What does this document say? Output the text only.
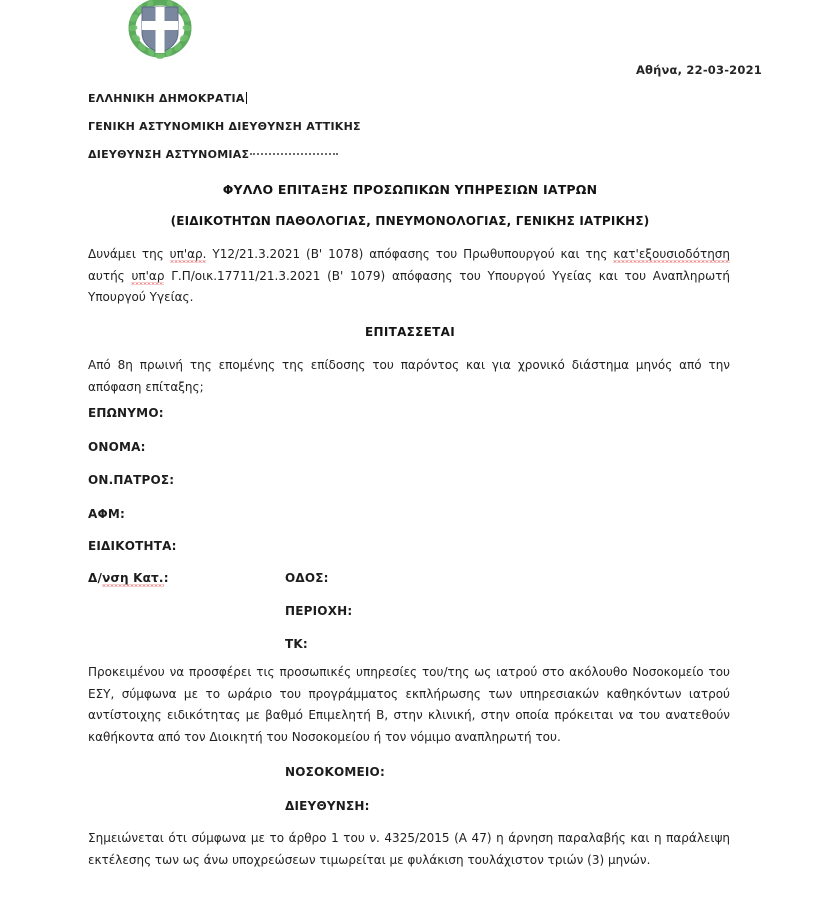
Αθήνα, 22-03-2021
ΕΛΛΗΝΙΚΗ ΔΗΜΟΚΡΑΤΙΑ
ΓΕΝΙΚΗ ΑΣΤΥΝΟΜΙΚΗ ΔΙΕΥΘΥΝΣΗ ΑΤΤΙΚΗΣ
ΔΙΕΥΘΥΝΣΗ ΑΣΤΥΝΟΜΙΑΣ
ΦΥΛΛΟ ΕΠΙΤΑΞΗΣ ΠΡΟΣΩΠΙΚΩΝ ΥΠΗΡΕΣΙΩΝ ΙΑΤΡΩΝ
(ΕΙΔΙΚΟΤΗΤΩΝ ΠΑΘΟΛΟΓΙΑΣ, ΠΝΕΥΜΟΝΟΛΟΓΙΑΣ, ΓΕΝΙΚΗΣ ΙΑΤΡΙΚΗΣ)
Δυνάμει της υπ'αρ. Υ12/21.3.2021 (Β' 1078) απόφασης του Πρωθυπουργού και της κατ'εξουσιοδότηση αυτής υπ'αρ Γ.Π/οικ.17711/21.3.2021 (Β' 1079) απόφασης του Υπουργού Υγείας και του Αναπληρωτή Υπουργού Υγείας.
ΕΠΙΤΑΣΣΕΤΑΙ
Από 8η πρωινή της επομένης της επίδοσης του παρόντος και για χρονικό διάστημα μηνός από την απόφαση επίταξης;
ΕΠΩΝΥΜΟ:
ΟΝΟΜΑ:
ΟΝ.ΠΑΤΡΟΣ:
ΑΦΜ:
ΕΙΔΙΚΟΤΗΤΑ:
Δ/νση Κατ.:	ΟΔΟΣ:
ΠΕΡΙΟΧΗ:
ΤΚ:
Προκειμένου να προσφέρει τις προσωπικές υπηρεσίες του/της ως ιατρού στο ακόλουθο Νοσοκομείο του ΕΣΥ, σύμφωνα με το ωράριο του προγράμματος εκπλήρωσης των υπηρεσιακών καθηκόντων ιατρού αντίστοιχης ειδικότητας με βαθμό Επιμελητή Β, στην κλινική, στην οποία πρόκειται να του ανατεθούν καθήκοντα από τον Διοικητή του Νοσοκομείου ή τον νόμιμο αναπληρωτή του.
ΝΟΣΟΚΟΜΕΙΟ:
ΔΙΕΥΘΥΝΣΗ:
Σημειώνεται ότι σύμφωνα με το άρθρο 1 του ν. 4325/2015 (Α 47) η άρνηση παραλαβής και η παράλειψη εκτέλεσης των ως άνω υποχρεώσεων τιμωρείται με φυλάκιση τουλάχιστον τριών (3) μηνών.
